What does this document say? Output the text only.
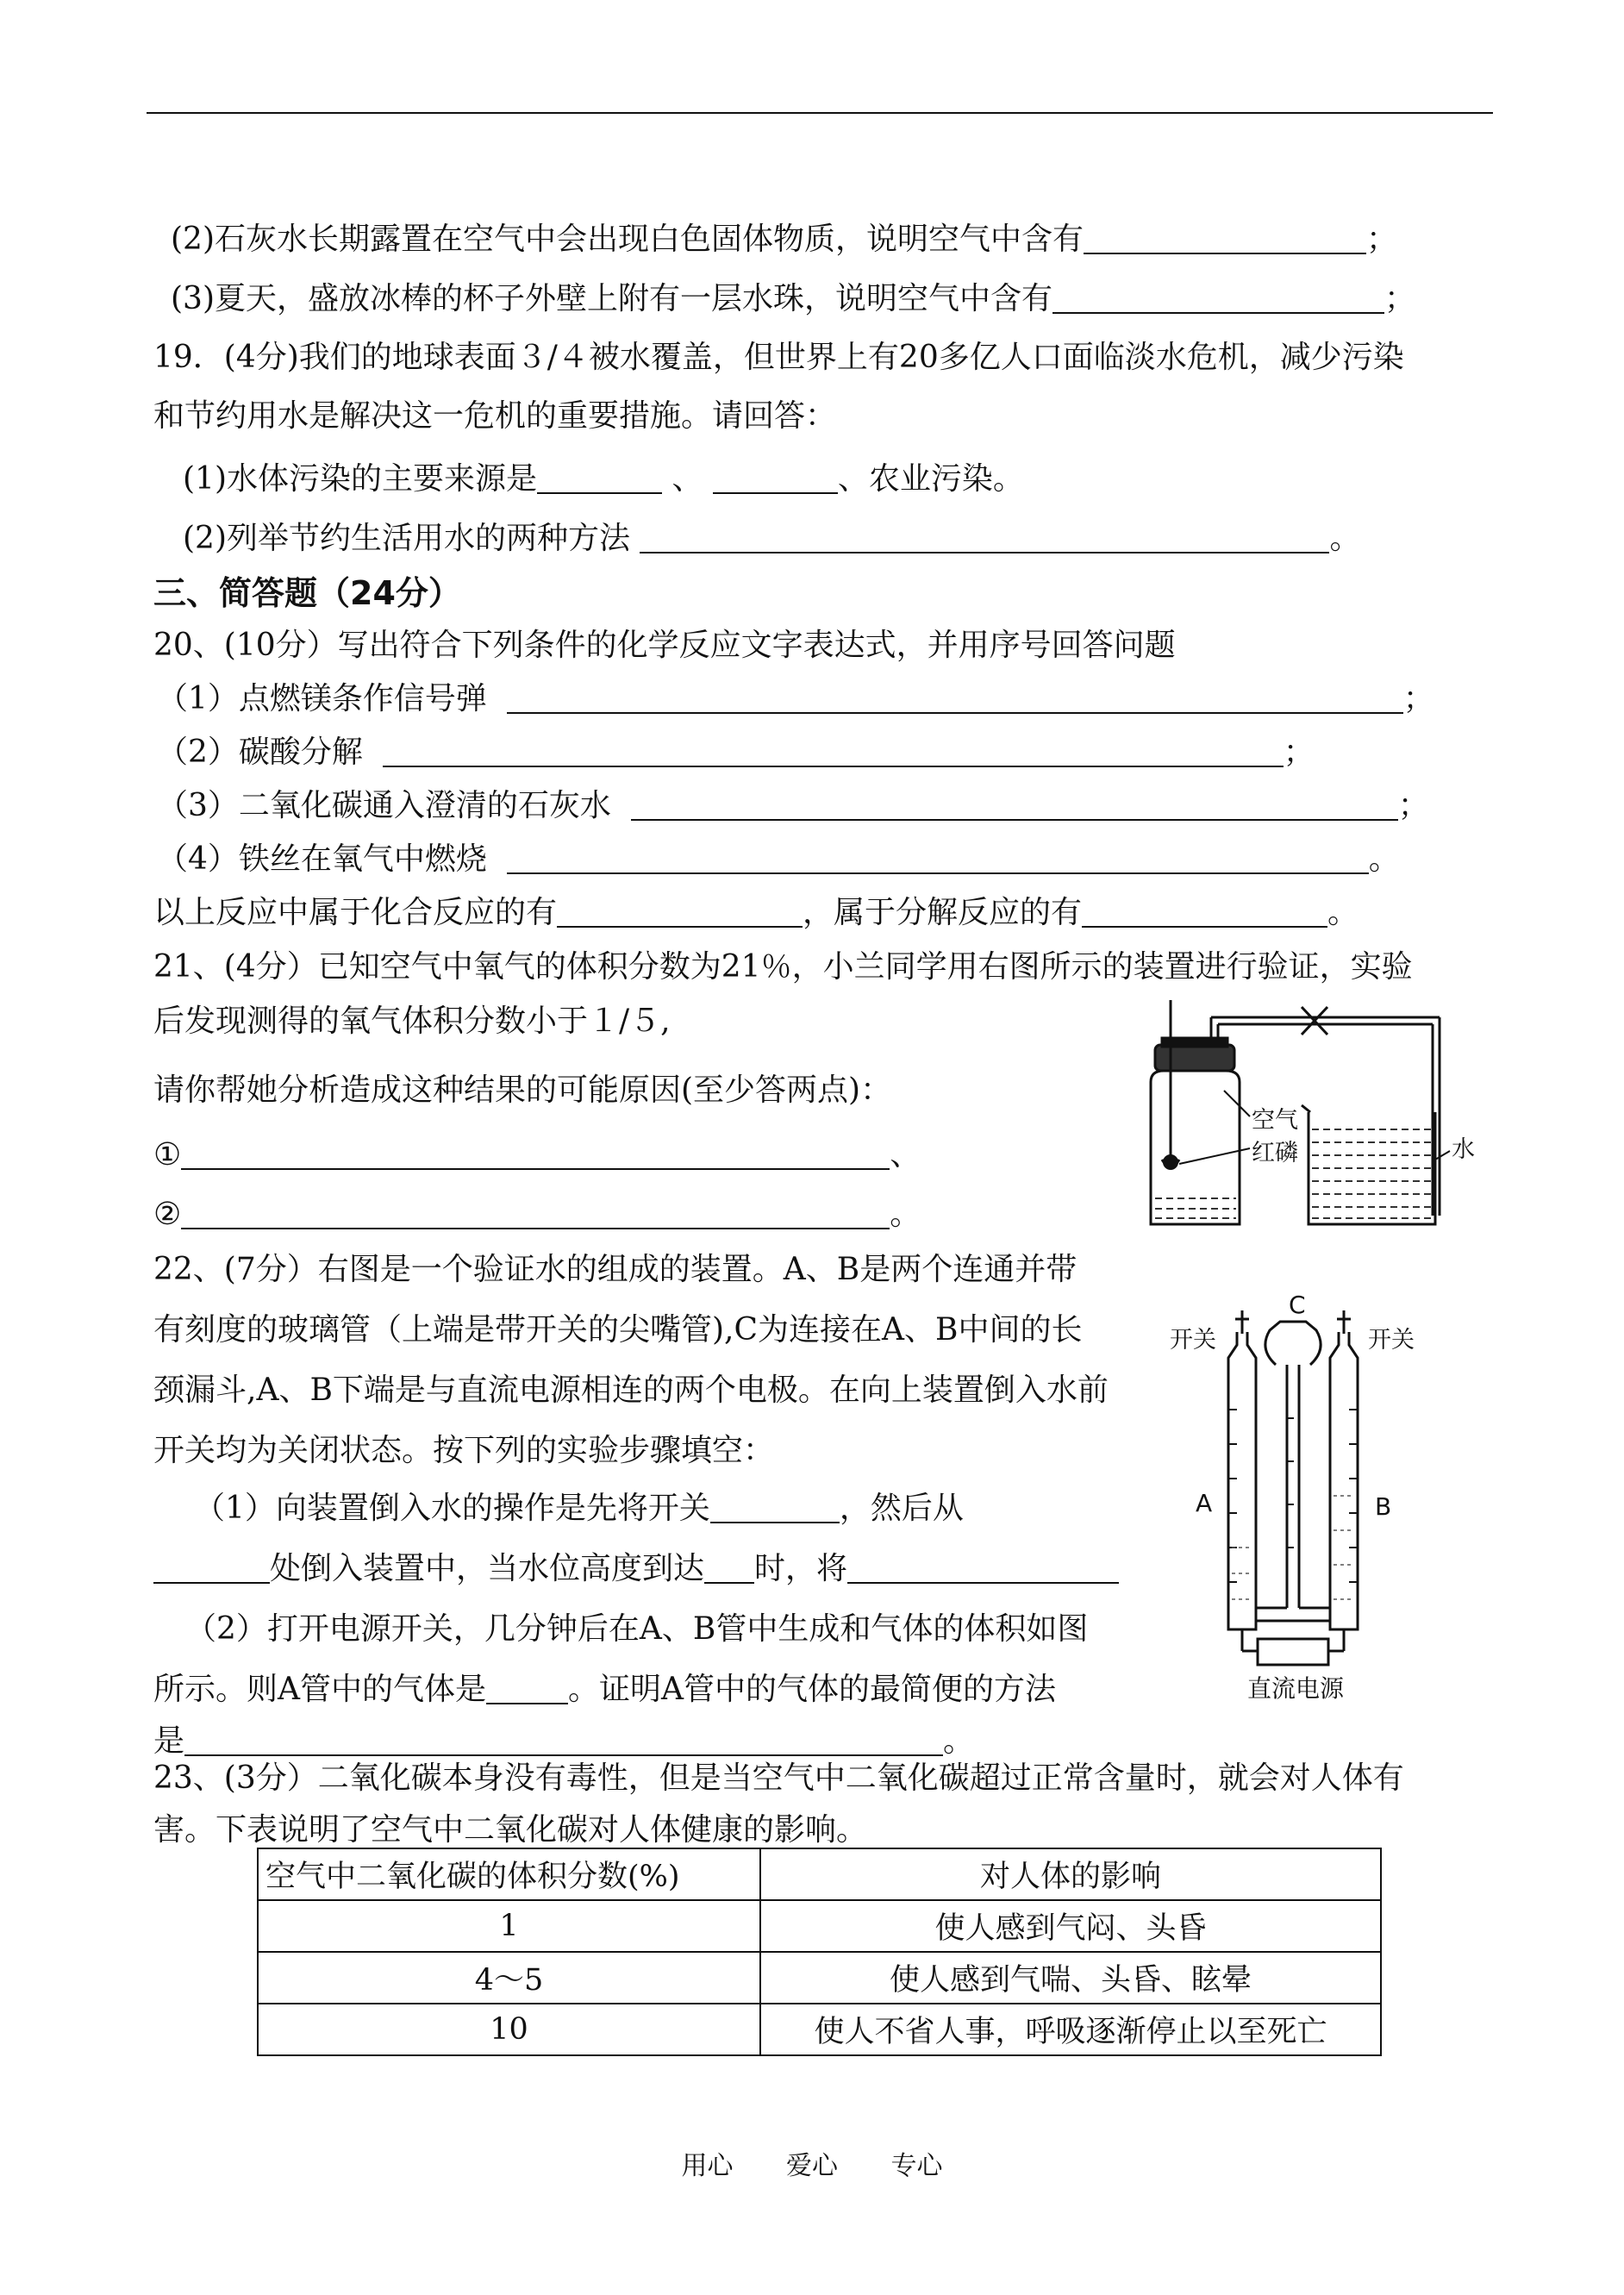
(2)石灰水长期露置在空气中会出现白色固体物质，说明空气中含有	；
(3)夏天，盛放冰棒的杯子外壁上附有一层水珠，说明空气中含有	；
19．(4分)我们的地球表面３/４被水覆盖，但世界上有20多亿人口面临淡水危机，减少污染
和节约用水是解决这一危机的重要措施。请回答：
(1)水体污染的主要来源是	、	、农业污染。
(2)列举节约生活用水的两种方法	。
三、简答题（24分）
20、(10分）写出符合下列条件的化学反应文字表达式，并用序号回答问题
（1）点燃镁条作信号弹	；
（2）碳酸分解	；
（3）二氧化碳通入澄清的石灰水	；
（4）铁丝在氧气中燃烧	。
以上反应中属于化合反应的有	，属于分解反应的有	。
21、(4分）已知空气中氧气的体积分数为21％，小兰同学用右图所示的装置进行验证，实验
后发现测得的氧气体积分数小于１/５,
请你帮她分析造成这种结果的可能原因(至少答两点)：
①	、
②	。
空气
红磷	水
22、(7分）右图是一个验证水的组成的装置。A、B是两个连通并带
有刻度的玻璃管（上端是带开关的尖嘴管),C为连接在A、B中间的长
颈漏斗,A、B下端是与直流电源相连的两个电极。在向上装置倒入水前
开关均为关闭状态。按下列的实验步骤填空：
（1）向装置倒入水的操作是先将开关	，然后从
处倒入装置中，当水位高度到达 时，将
（2）打开电源开关，几分钟后在A、B管中生成和气体的体积如图
所示。则A管中的气体是	。证明A管中的气体的最简便的方法
是	。
C
开关	开关
A	B
直流电源
23、(3分）二氧化碳本身没有毒性，但是当空气中二氧化碳超过正常含量时，就会对人体有
害。下表说明了空气中二氧化碳对人体健康的影响。
空气中二氧化碳的体积分数(%)	对人体的影响
1	使人感到气闷、头昏
4～5	使人感到气喘、头昏、眩晕
10	使人不省人事，呼吸逐渐停止以至死亡
用心 爱心 专心
